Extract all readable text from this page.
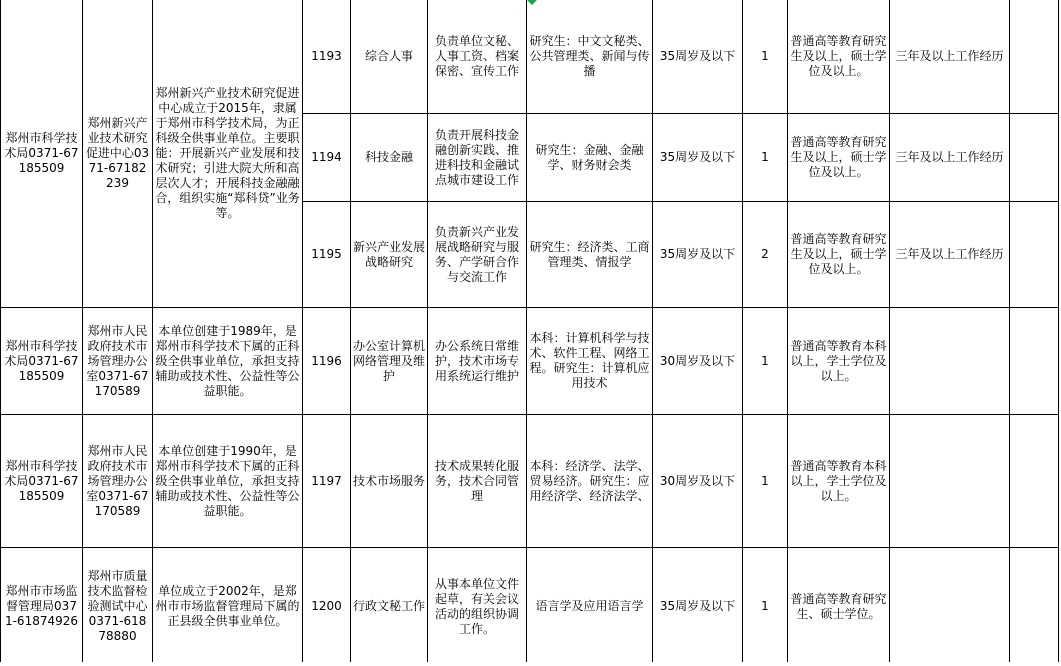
郑州市科学技术局0371-67185509	郑州新兴产业技术研究促进中心0371-67182239	郑州新兴产业技术研究促进中心成立于2015年，隶属于郑州市科学技术局，为正科级全供事业单位。主要职能：开展新兴产业发展和技术研究；引进大院大所和高层次人才；开展科技金融融合，组织实施“郑科贷”业务等。	1193	综合人事	负责单位文秘、人事工资、档案保密、宣传工作	研究生：中文文秘类、公共管理类、新闻与传播	35周岁及以下	1	普通高等教育研究生及以上，硕士学位及以上。	三年及以上工作经历	
			1194	科技金融	负责开展科技金融创新实践、推进科技和金融试点城市建设工作	研究生：金融、金融学、财务财会类	35周岁及以下	1	普通高等教育研究生及以上，硕士学位及以上。	三年及以上工作经历	
			1195	新兴产业发展战略研究	负责新兴产业发展战略研究与服务、产学研合作与交流工作	研究生：经济类、工商管理类、情报学	35周岁及以下	2	普通高等教育研究生及以上，硕士学位及以上。	三年及以上工作经历	
郑州市科学技术局0371-67185509	郑州市人民政府技术市场管理办公室0371-67170589	本单位创建于1989年，是郑州市科学技术下属的正科级全供事业单位，承担支持辅助或技术性、公益性等公益职能。	1196	办公室计算机网络管理及维护	办公系统日常维护，技术市场专用系统运行维护	本科：计算机科学与技术、软件工程、网络工程。研究生：计算机应用技术	30周岁及以下	1	普通高等教育本科以上，学士学位及以上。		
郑州市科学技术局0371-67185509	郑州市人民政府技术市场管理办公室0371-67170589	本单位创建于1990年，是郑州市科学技术下属的正科级全供事业单位，承担支持辅助或技术性、公益性等公益职能。	1197	技术市场服务	技术成果转化服务，技术合同管理	本科：经济学、法学、贸易经济。研究生：应用经济学、经济法学、	30周岁及以下	1	普通高等教育本科以上，学士学位及以上。		
郑州市市场监督管理局0371-61874926	郑州市质量技术监督检验测试中心0371-61878880	单位成立于2002年，是郑州市市场监督管理局下属的正县级全供事业单位。	1200	行政文秘工作	从事本单位文件起草，有关会议活动的组织协调工作。	语言学及应用语言学	35周岁及以下	1	普通高等教育研究生、硕士学位。		
